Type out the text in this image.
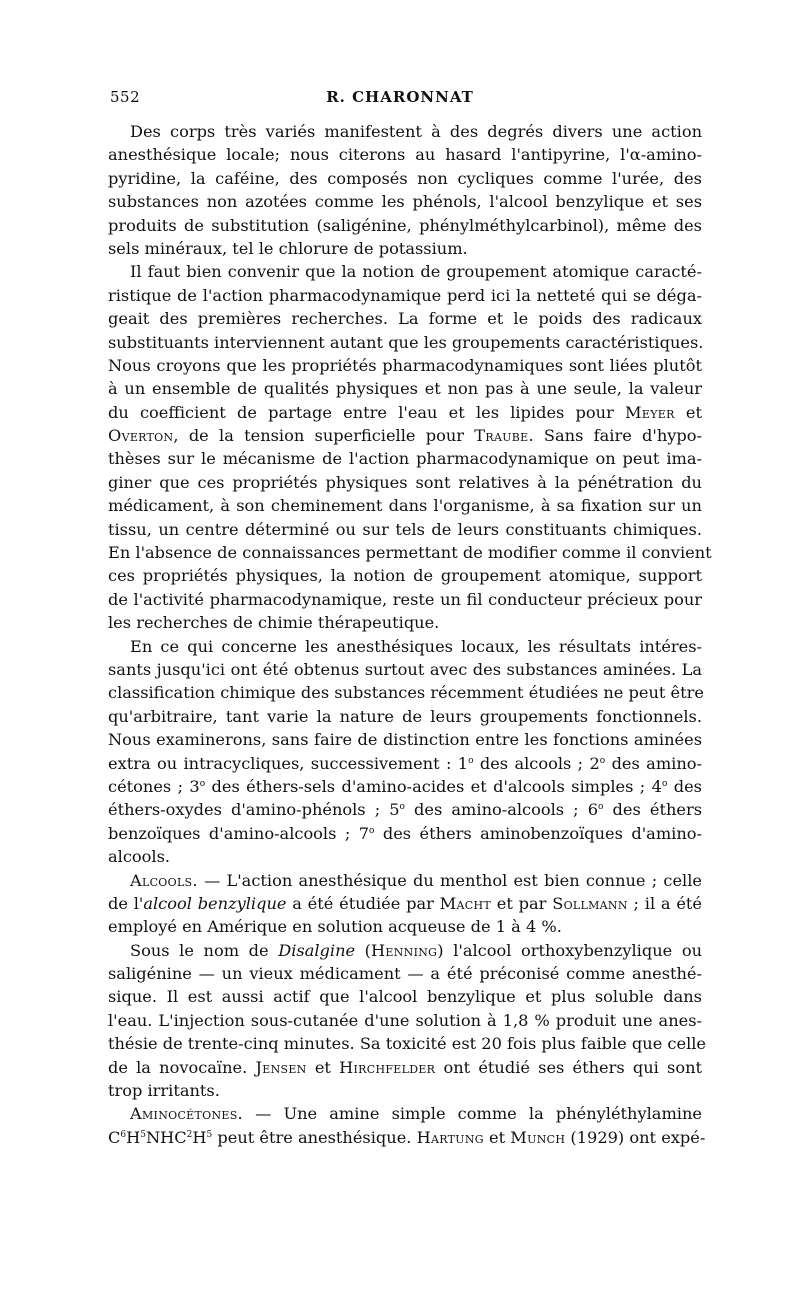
552	R. CHARONNAT
Des corps très variés manifestent à des degrés divers une action
anesthésique locale; nous citerons au hasard l'antipyrine, l'α-amino-
pyridine, la caféine, des composés non cycliques comme l'urée, des
substances non azotées comme les phénols, l'alcool benzylique et ses
produits de substitution (saligénine, phénylméthylcarbinol), même des
sels minéraux, tel le chlorure de potassium.
Il faut bien convenir que la notion de groupement atomique caracté-
ristique de l'action pharmacodynamique perd ici la netteté qui se déga-
geait des premières recherches. La forme et le poids des radicaux
substituants interviennent autant que les groupements caractéristiques.
Nous croyons que les propriétés pharmacodynamiques sont liées plutôt
à un ensemble de qualités physiques et non pas à une seule, la valeur
du coefficient de partage entre l'eau et les lipides pour Meyer et
Overton, de la tension superficielle pour Traube. Sans faire d'hypo-
thèses sur le mécanisme de l'action pharmacodynamique on peut ima-
giner que ces propriétés physiques sont relatives à la pénétration du
médicament, à son cheminement dans l'organisme, à sa fixation sur un
tissu, un centre déterminé ou sur tels de leurs constituants chimiques.
En l'absence de connaissances permettant de modifier comme il convient
ces propriétés physiques, la notion de groupement atomique, support
de l'activité pharmacodynamique, reste un fil conducteur précieux pour
les recherches de chimie thérapeutique.
En ce qui concerne les anesthésiques locaux, les résultats intéres-
sants jusqu'ici ont été obtenus surtout avec des substances aminées. La
classification chimique des substances récemment étudiées ne peut être
qu'arbitraire, tant varie la nature de leurs groupements fonctionnels.
Nous examinerons, sans faire de distinction entre les fonctions aminées
extra ou intracycliques, successivement : 1$^o$ des alcools ; 2$^o$ des amino-
cétones ; 3$^o$ des éthers-sels d'amino-acides et d'alcools simples ; 4$^o$ des
éthers-oxydes d'amino-phénols ; 5$^o$ des amino-alcools ; 6$^o$ des éthers
benzoïques d'amino-alcools ; 7$^o$ des éthers aminobenzoïques d'amino-
alcools.
Alcools. — L'action anesthésique du menthol est bien connue ; celle
de l'alcool benzylique a été étudiée par Macht et par Sollmann ; il a été
employé en Amérique en solution acqueuse de 1 à 4 %.
Sous le nom de Disalgine (Henning) l'alcool orthoxybenzylique ou
saligénine — un vieux médicament — a été préconisé comme anesthé-
sique. Il est aussi actif que l'alcool benzylique et plus soluble dans
l'eau. L'injection sous-cutanée d'une solution à 1,8 % produit une anes-
thésie de trente-cinq minutes. Sa toxicité est 20 fois plus faible que celle
de la novocaïne. Jensen et Hirchfelder ont étudié ses éthers qui sont
trop irritants.
Aminocétones. — Une amine simple comme la phényléthylamine
$C^6H^5NHC^2H^5$ peut être anesthésique. Hartung et Munch (1929) ont expé-
